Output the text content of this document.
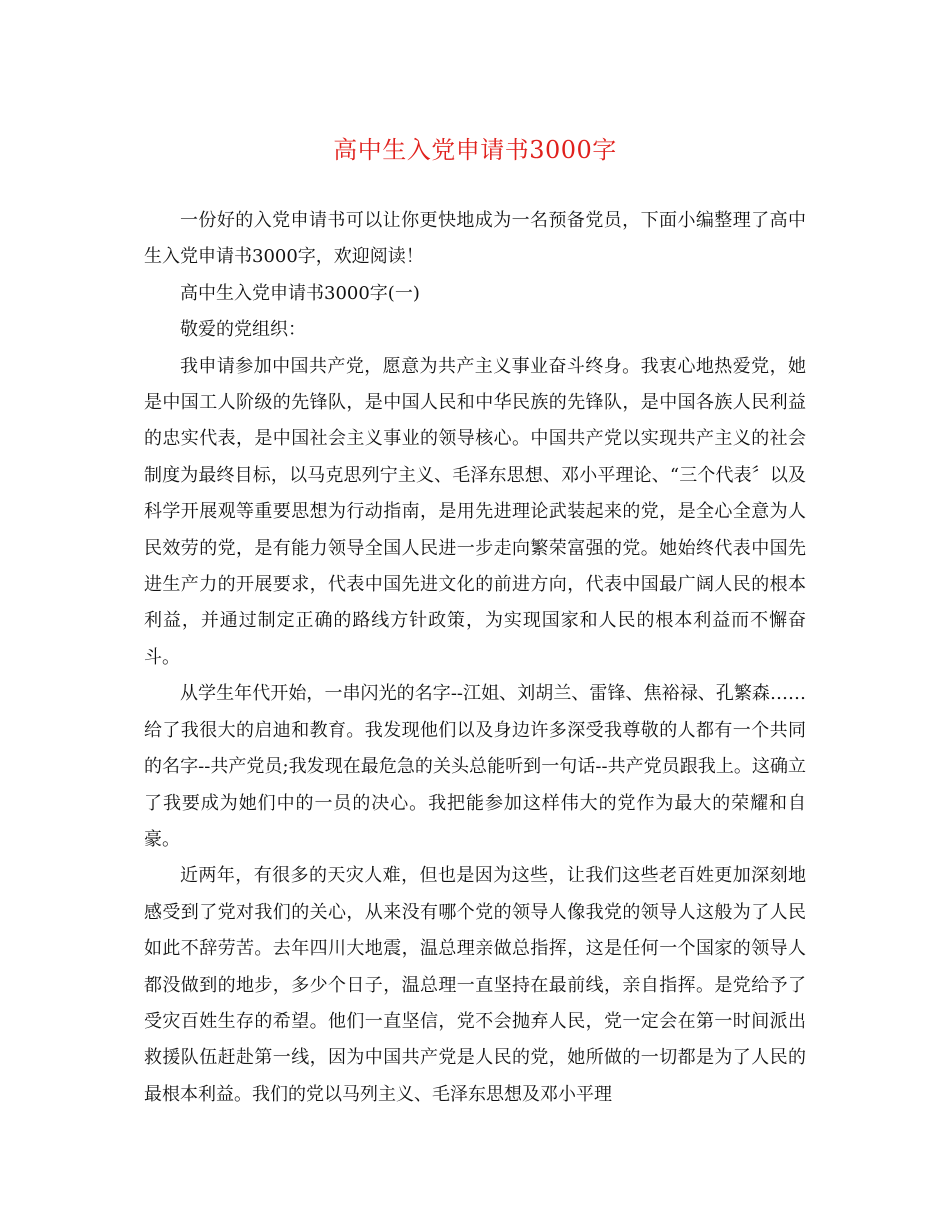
高中生入党申请书3000字

一份好的入党申请书可以让你更快地成为一名预备党员，下面小编整理了高中生入党申请书3000字，欢迎阅读！

高中生入党申请书3000字(一)

敬爱的党组织：

我申请参加中国共产党，愿意为共产主义事业奋斗终身。我衷心地热爱党，她是中国工人阶级的先锋队，是中国人民和中华民族的先锋队，是中国各族人民利益的忠实代表，是中国社会主义事业的领导核心。中国共产党以实现共产主义的社会制度为最终目标，以马克思列宁主义、毛泽东思想、邓小平理论、“三个代表〞以及科学开展观等重要思想为行动指南，是用先进理论武装起来的党，是全心全意为人民效劳的党，是有能力领导全国人民进一步走向繁荣富强的党。她始终代表中国先进生产力的开展要求，代表中国先进文化的前进方向，代表中国最广阔人民的根本利益，并通过制定正确的路线方针政策，为实现国家和人民的根本利益而不懈奋斗。

从学生年代开始，一串闪光的名字--江姐、刘胡兰、雷锋、焦裕禄、孔繁森……给了我很大的启迪和教育。我发现他们以及身边许多深受我尊敬的人都有一个共同的名字--共产党员;我发现在最危急的关头总能听到一句话--共产党员跟我上。这确立了我要成为她们中的一员的决心。我把能参加这样伟大的党作为最大的荣耀和自豪。

近两年，有很多的天灾人难，但也是因为这些，让我们这些老百姓更加深刻地感受到了党对我们的关心，从来没有哪个党的领导人像我党的领导人这般为了人民如此不辞劳苦。去年四川大地震，温总理亲做总指挥，这是任何一个国家的领导人都没做到的地步，多少个日子，温总理一直坚持在最前线，亲自指挥。是党给予了受灾百姓生存的希望。他们一直坚信，党不会抛弃人民，党一定会在第一时间派出救援队伍赶赴第一线，因为中国共产党是人民的党，她所做的一切都是为了人民的最根本利益。我们的党以马列主义、毛泽东思想及邓小平理
